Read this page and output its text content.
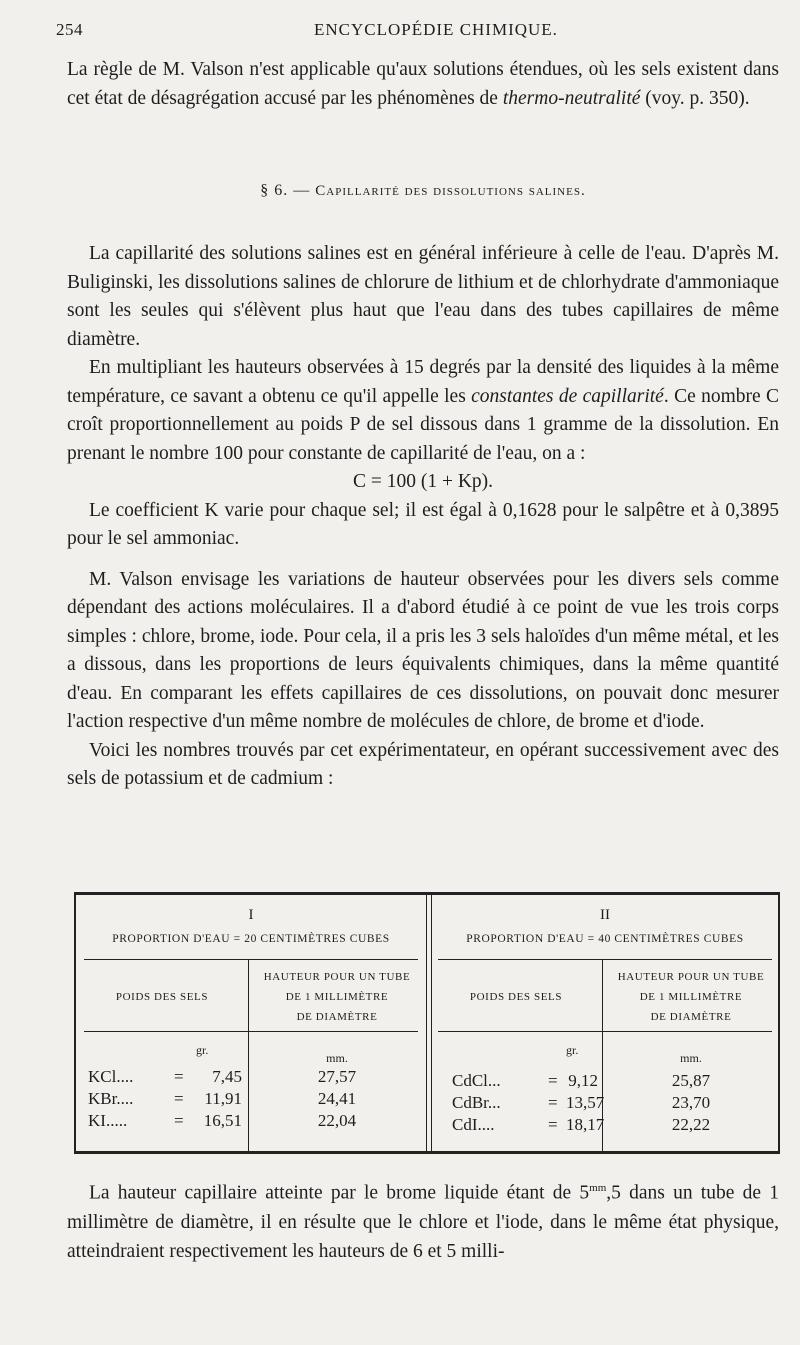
254	ENCYCLOPÉDIE CHIMIQUE.

La règle de M. Valson n'est applicable qu'aux solutions étendues, où les sels existent dans cet état de désagrégation accusé par les phénomènes de thermo-neutralité (voy. p. 350).

§ 6. — Capillarité des dissolutions salines.

La capillarité des solutions salines est en général inférieure à celle de l'eau. D'après M. Buliginski, les dissolutions salines de chlorure de lithium et de chlorhydrate d'ammoniaque sont les seules qui s'élèvent plus haut que l'eau dans des tubes capillaires de même diamètre.

En multipliant les hauteurs observées à 15 degrés par la densité des liquides à la même température, ce savant a obtenu ce qu'il appelle les constantes de capillarité. Ce nombre C croît proportionnellement au poids P de sel dissous dans 1 gramme de la dissolution. En prenant le nombre 100 pour constante de capillarité de l'eau, on a :

C = 100 (1 + Kp).

Le coefficient K varie pour chaque sel; il est égal à 0,1628 pour le salpêtre et à 0,3895 pour le sel ammoniac.

M. Valson envisage les variations de hauteur observées pour les divers sels comme dépendant des actions moléculaires. Il a d'abord étudié à ce point de vue les trois corps simples : chlore, brome, iode. Pour cela, il a pris les 3 sels haloïdes d'un même métal, et les a dissous, dans les proportions de leurs équivalents chimiques, dans la même quantité d'eau. En comparant les effets capillaires de ces dissolutions, on pouvait donc mesurer l'action respective d'un même nombre de molécules de chlore, de brome et d'iode.

Voici les nombres trouvés par cet expérimentateur, en opérant successivement avec des sels de potassium et de cadmium :

I
PROPORTION D'EAU = 20 CENTIMÈTRES CUBES
POIDS DES SELS
HAUTEUR POUR UN TUBE
DE 1 MILLIMÈTRE
DE DIAMÈTRE
gr.
mm.
KCl.... =	7,45	27,57
KBr.... =	11,91	24,41
KI.....	=	16,51	22,04
II
PROPORTION D'EAU = 40 CENTIMÈTRES CUBES
POIDS DES SELS
HAUTEUR POUR UN TUBE
DE 1 MILLIMÈTRE
DE DIAMÈTRE
gr.
mm.
CdCl...	= 9,12	25,87
CdBr...	= 13,57	23,70
CdI....	= 18,17	22,22

La hauteur capillaire atteinte par le brome liquide étant de $5^{mm},5$ dans un tube de 1 millimètre de diamètre, il en résulte que le chlore et l'iode, dans le même état physique, atteindraient respectivement les hauteurs de 6 et 5 milli-
